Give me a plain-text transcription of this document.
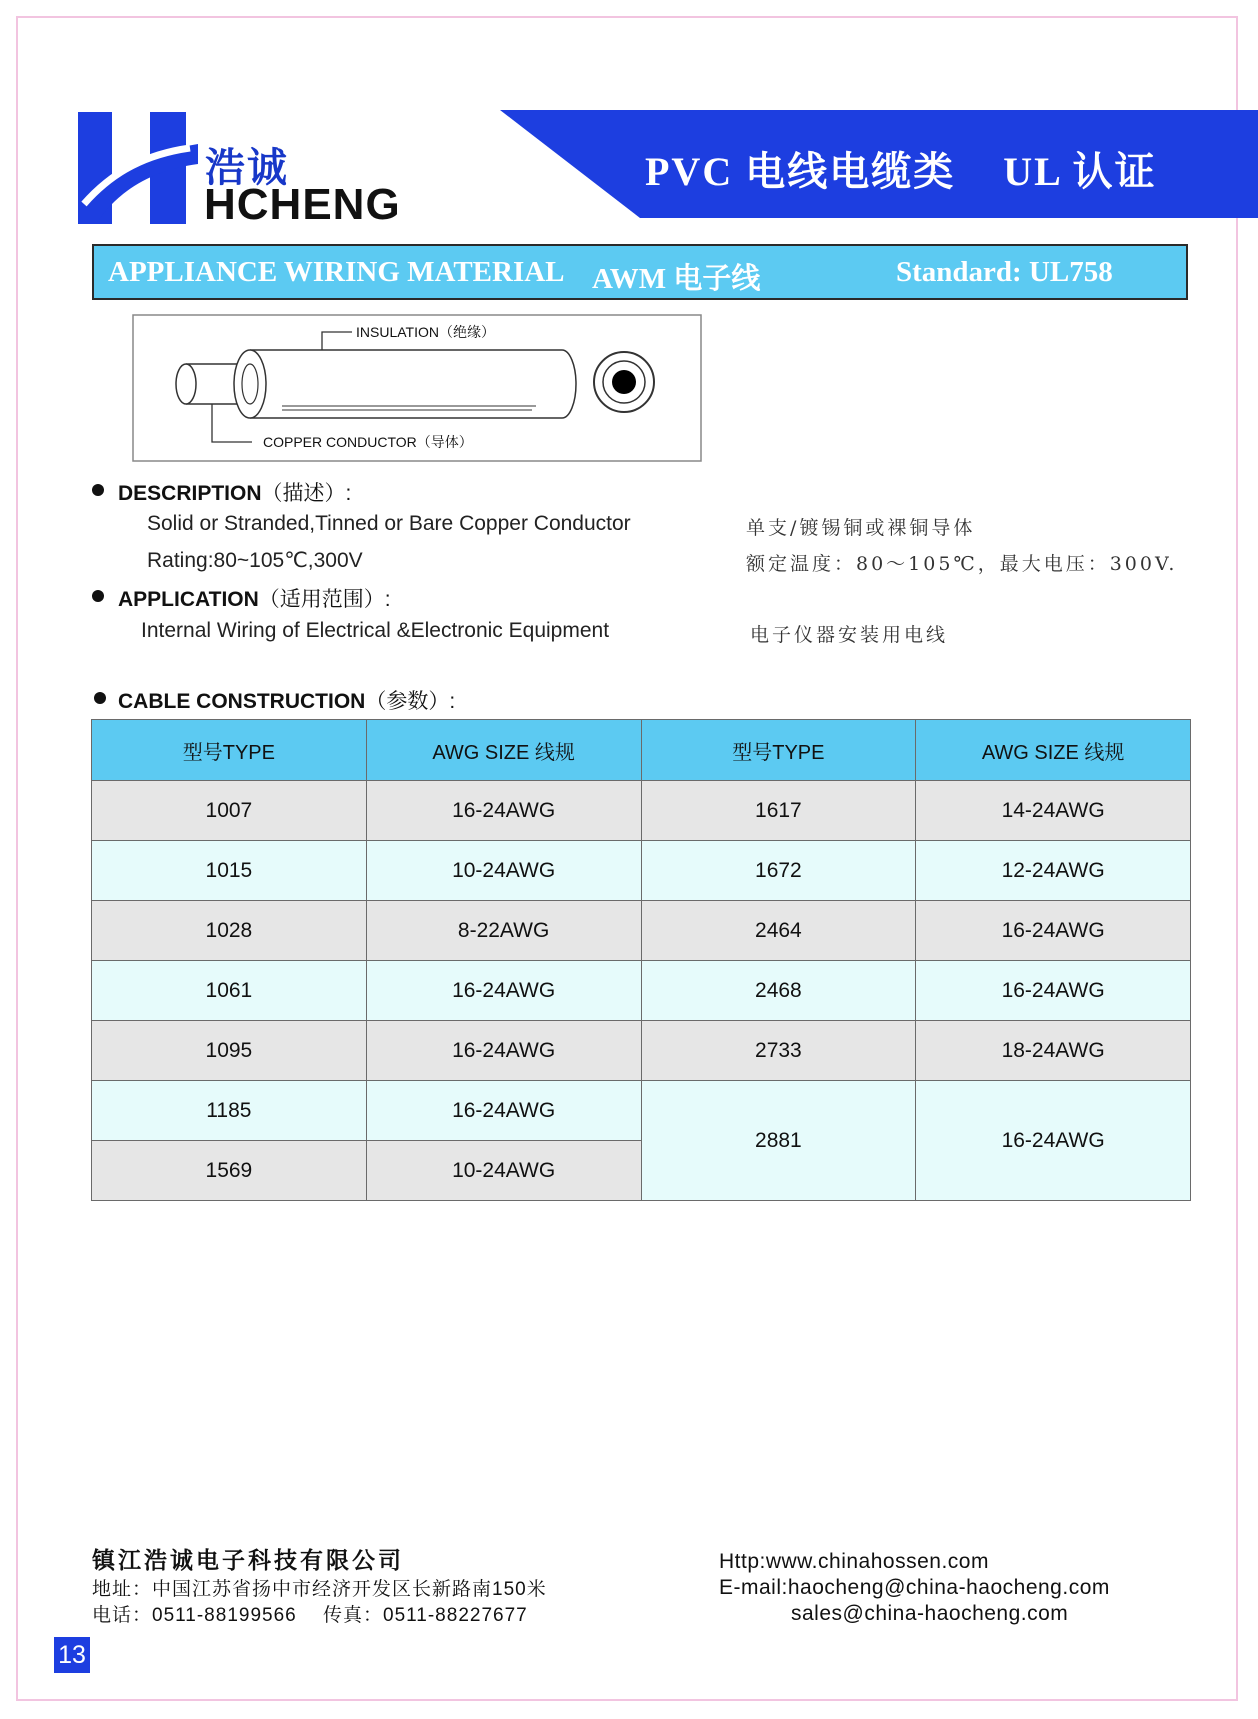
浩诚
HCHENG
PVC 电线电缆类 UL 认证
APPLIANCE WIRING MATERIAL AWM 电子线	Standard: UL758
INSULATION（绝缘）
COPPER CONDUCTOR（导体）
DESCRIPTION（描述）:
Solid or Stranded,Tinned or Bare Copper Conductor	单支/镀锡铜或裸铜导体
Rating:80~105℃,300V	额定温度：80～105℃，最大电压：300V.
APPLICATION（适用范围）:
Internal Wiring of Electrical &Electronic Equipment	电子仪器安装用电线
CABLE CONSTRUCTION（参数）:
型号TYPE	AWG SIZE 线规	型号TYPE	AWG SIZE 线规
1007	16-24AWG	1617	14-24AWG
1015	10-24AWG	1672	12-24AWG
1028	8-22AWG	2464	16-24AWG
1061	16-24AWG	2468	16-24AWG
1095	16-24AWG	2733	18-24AWG
1185	16-24AWG	2881	16-24AWG
1569	10-24AWG		
镇江浩诚电子科技有限公司
地址：中国江苏省扬中市经济开发区长新路南150米
电话：0511-88199566　 传真：0511-88227677
Http:www.chinahossen.com
E-mail:haocheng@china-haocheng.com
sales@china-haocheng.com
13
